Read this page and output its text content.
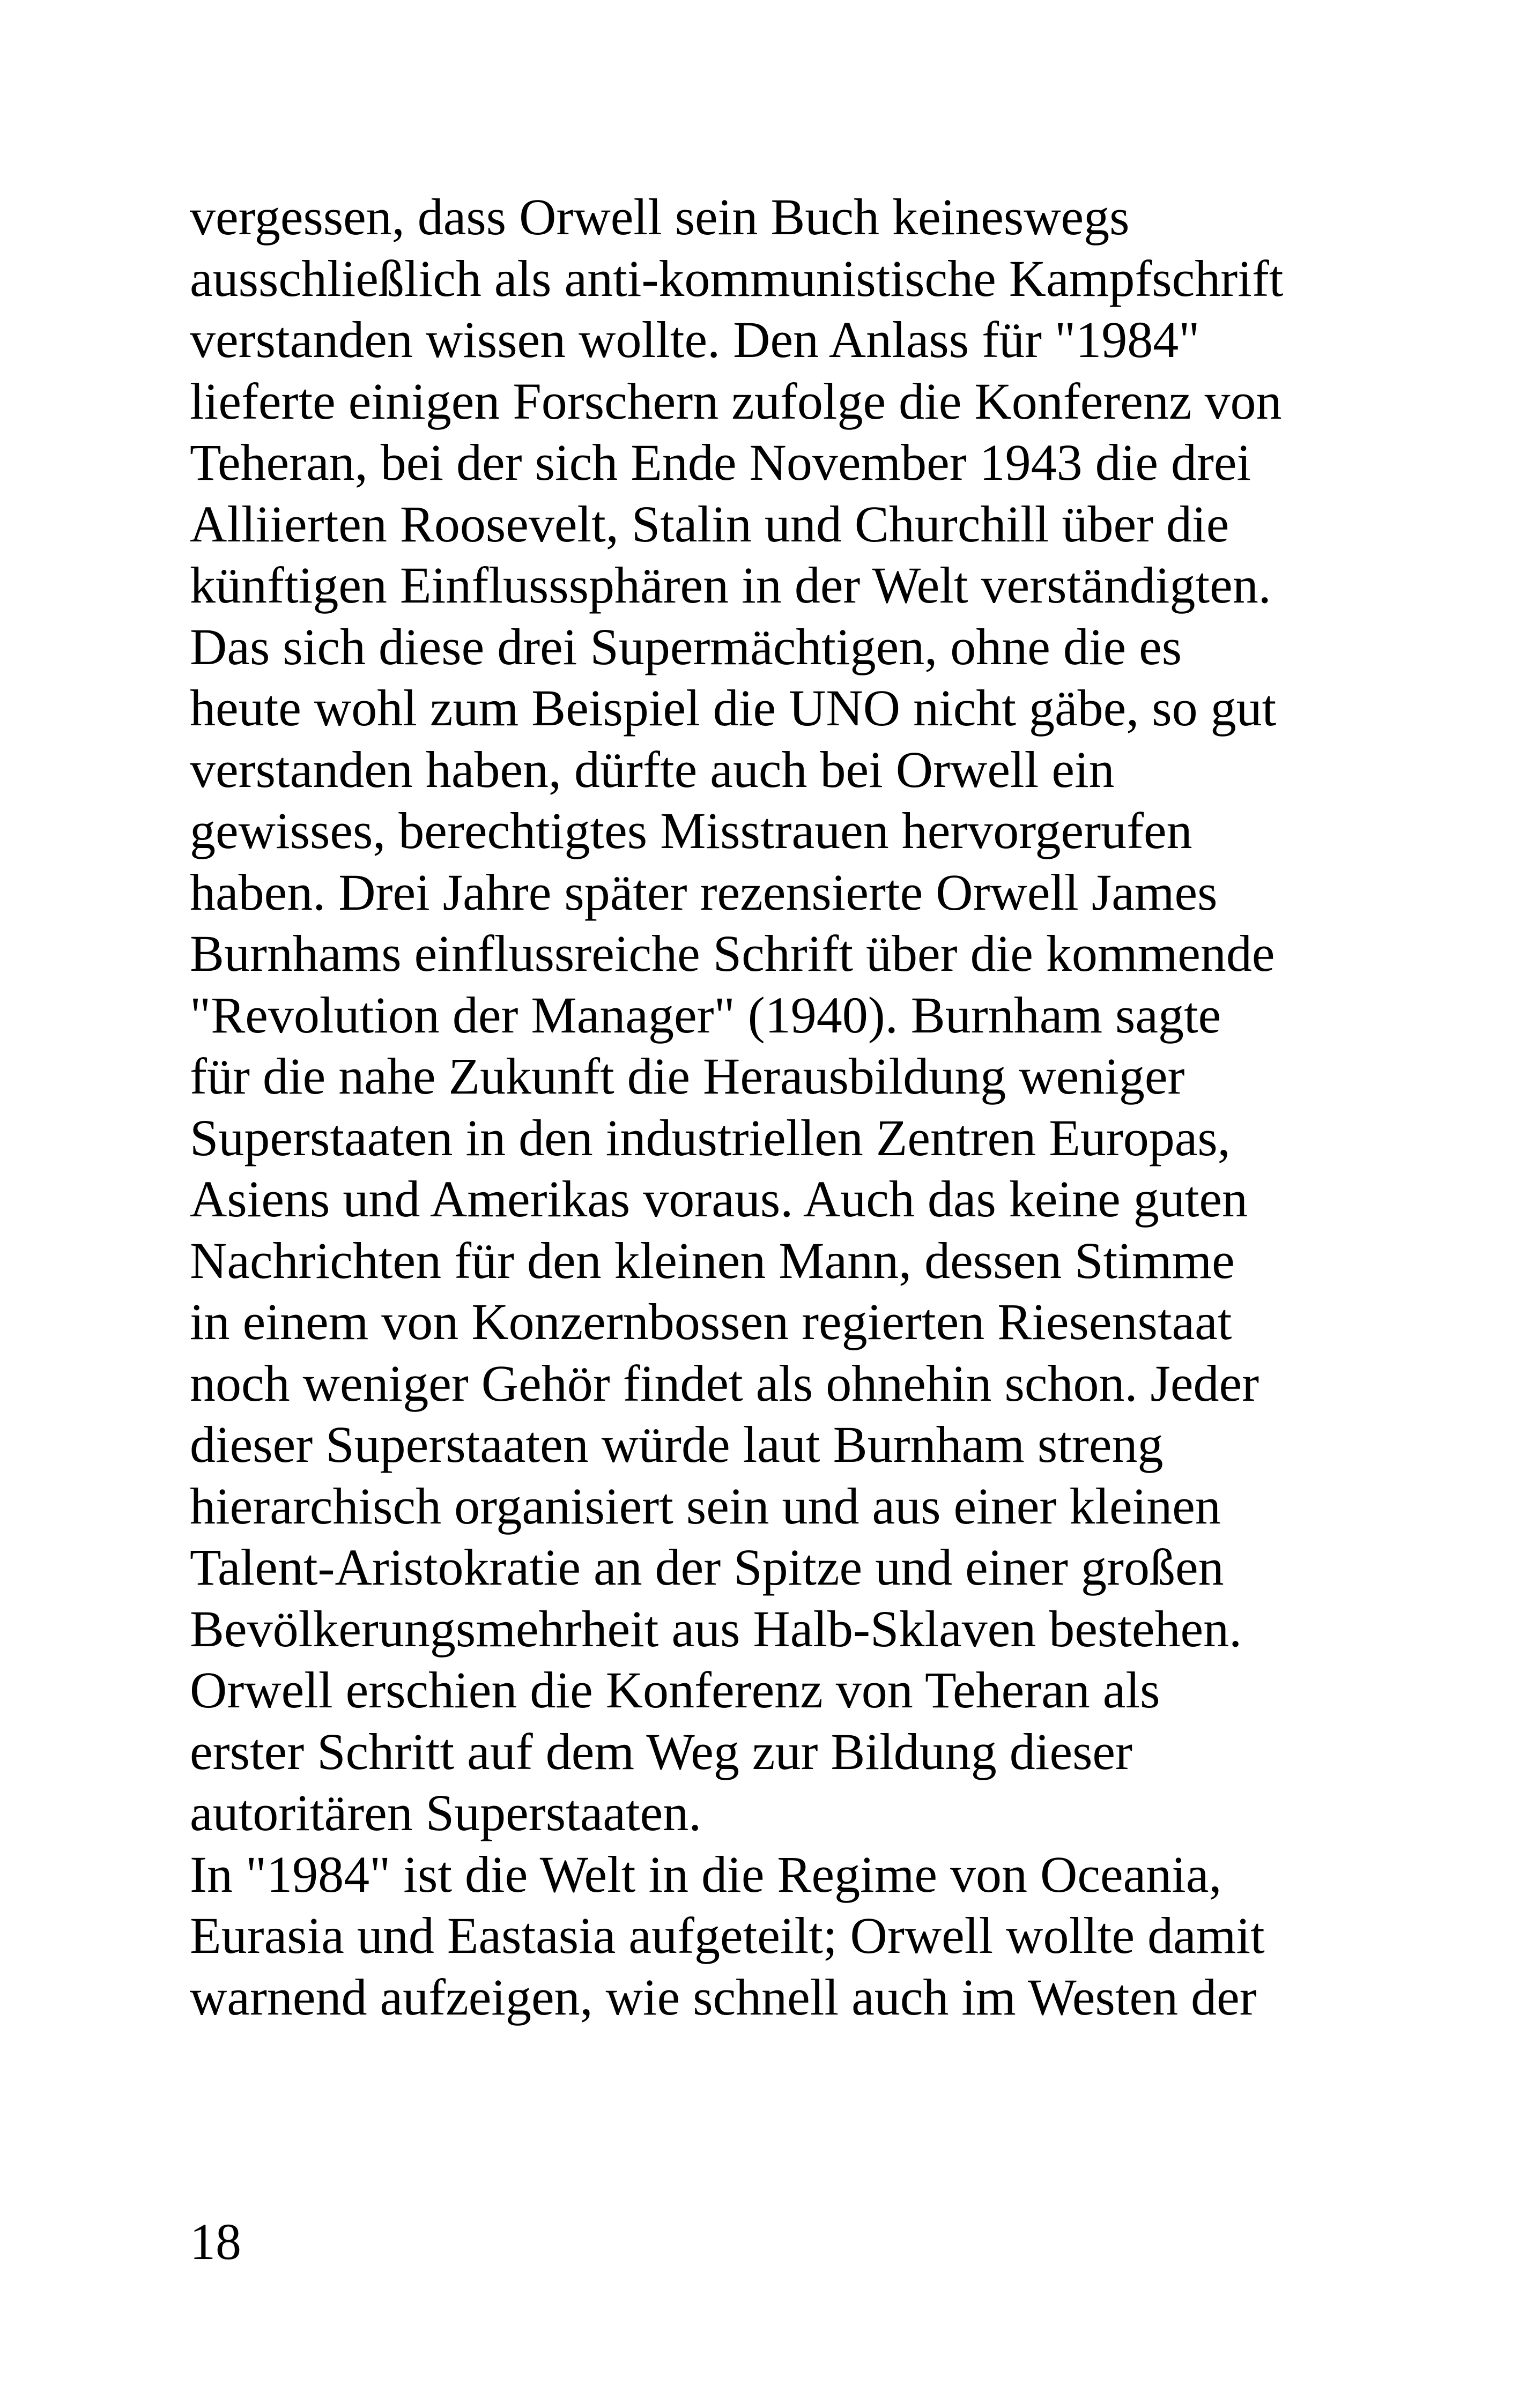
vergessen, dass Orwell sein Buch keineswegs
ausschließlich als anti-kommunistische Kampfschrift
verstanden wissen wollte. Den Anlass für "1984"
lieferte einigen Forschern zufolge die Konferenz von
Teheran, bei der sich Ende November 1943 die drei
Alliierten Roosevelt, Stalin und Churchill über die
künftigen Einflusssphären in der Welt verständigten.
Das sich diese drei Supermächtigen, ohne die es
heute wohl zum Beispiel die UNO nicht gäbe, so gut
verstanden haben, dürfte auch bei Orwell ein
gewisses, berechtigtes Misstrauen hervorgerufen
haben. Drei Jahre später rezensierte Orwell James
Burnhams einflussreiche Schrift über die kommende
"Revolution der Manager" (1940). Burnham sagte
für die nahe Zukunft die Herausbildung weniger
Superstaaten in den industriellen Zentren Europas,
Asiens und Amerikas voraus. Auch das keine guten
Nachrichten für den kleinen Mann, dessen Stimme
in einem von Konzernbossen regierten Riesenstaat
noch weniger Gehör findet als ohnehin schon. Jeder
dieser Superstaaten würde laut Burnham streng
hierarchisch organisiert sein und aus einer kleinen
Talent-Aristokratie an der Spitze und einer großen
Bevölkerungsmehrheit aus Halb-Sklaven bestehen.
Orwell erschien die Konferenz von Teheran als
erster Schritt auf dem Weg zur Bildung dieser
autoritären Superstaaten.
In "1984" ist die Welt in die Regime von Oceania,
Eurasia und Eastasia aufgeteilt; Orwell wollte damit
warnend aufzeigen, wie schnell auch im Westen der
18
